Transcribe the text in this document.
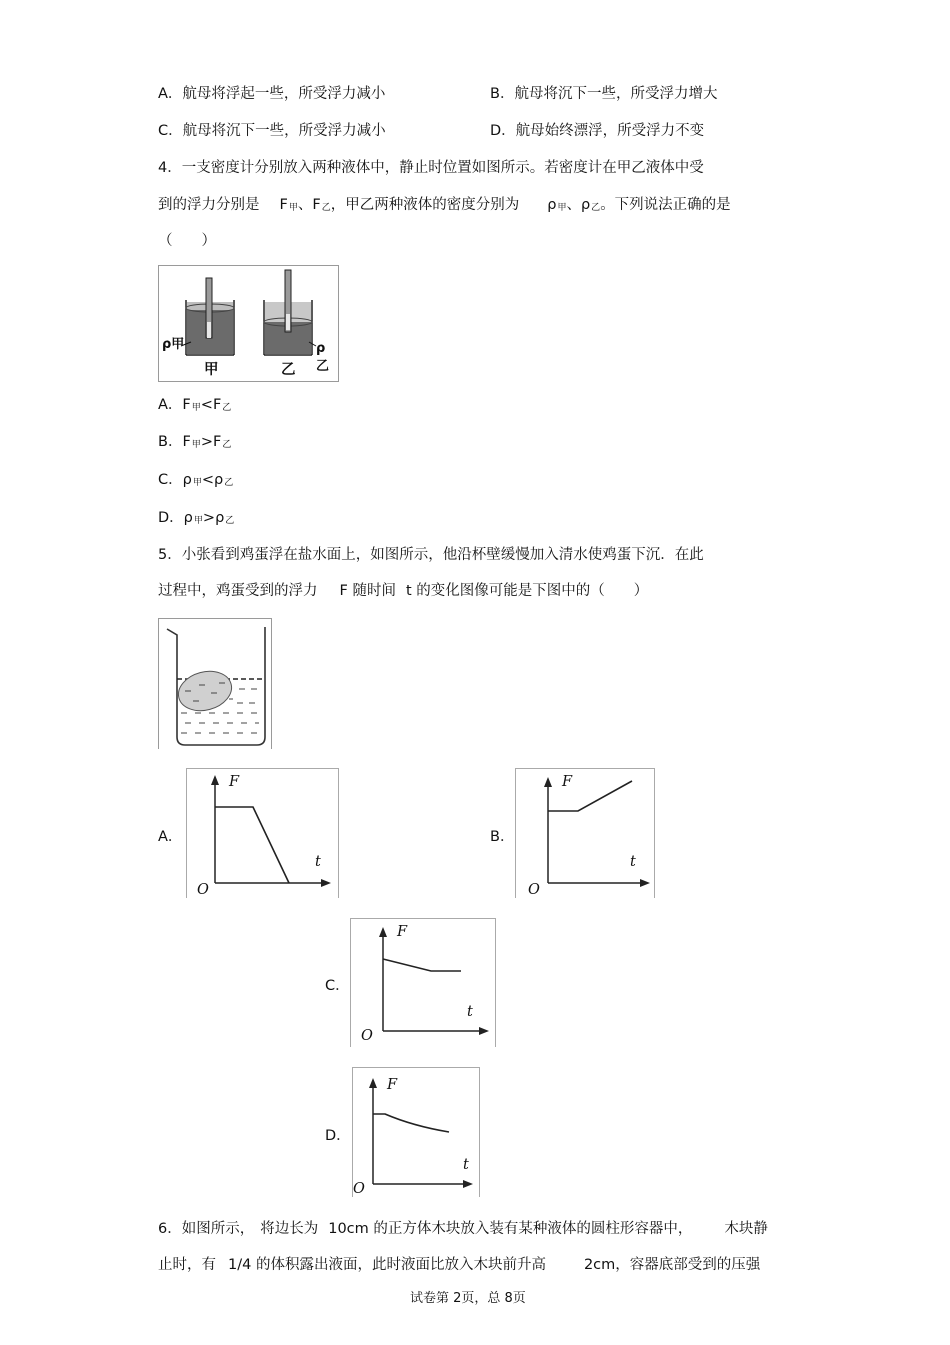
A．航母将浮起一些，所受浮力减小	B．航母将沉下一些，所受浮力增大
C．航母将沉下一些，所受浮力减小	D．航母始终漂浮，所受浮力不变
4．一支密度计分别放入两种液体中，静止时位置如图所示。若密度计在甲乙液体中受
到的浮力分别是 F甲、F乙，甲乙两种液体的密度分别为 ρ甲、ρ乙。下列说法正确的是
（　　）
ρ甲	ρ乙
甲	乙
A．F甲<F乙
B．F甲>F乙
C．ρ甲<ρ乙
D．ρ甲>ρ乙
5．小张看到鸡蛋浮在盐水面上，如图所示，他沿杯壁缓慢加入清水使鸡蛋下沉．在此
过程中，鸡蛋受到的浮力 F 随时间 t 的变化图像可能是下图中的（　　）
A．
F
t
O
B．
F
t
O
C．
F
t
O
D．
F
t
O
6．如图所示， 将边长为 10cm 的正方体木块放入装有某种液体的圆柱形容器中， 木块静
止时，有 1/4 的体积露出液面，此时液面比放入木块前升高	2cm，容器底部受到的压强
试卷第 2页，总 8页
